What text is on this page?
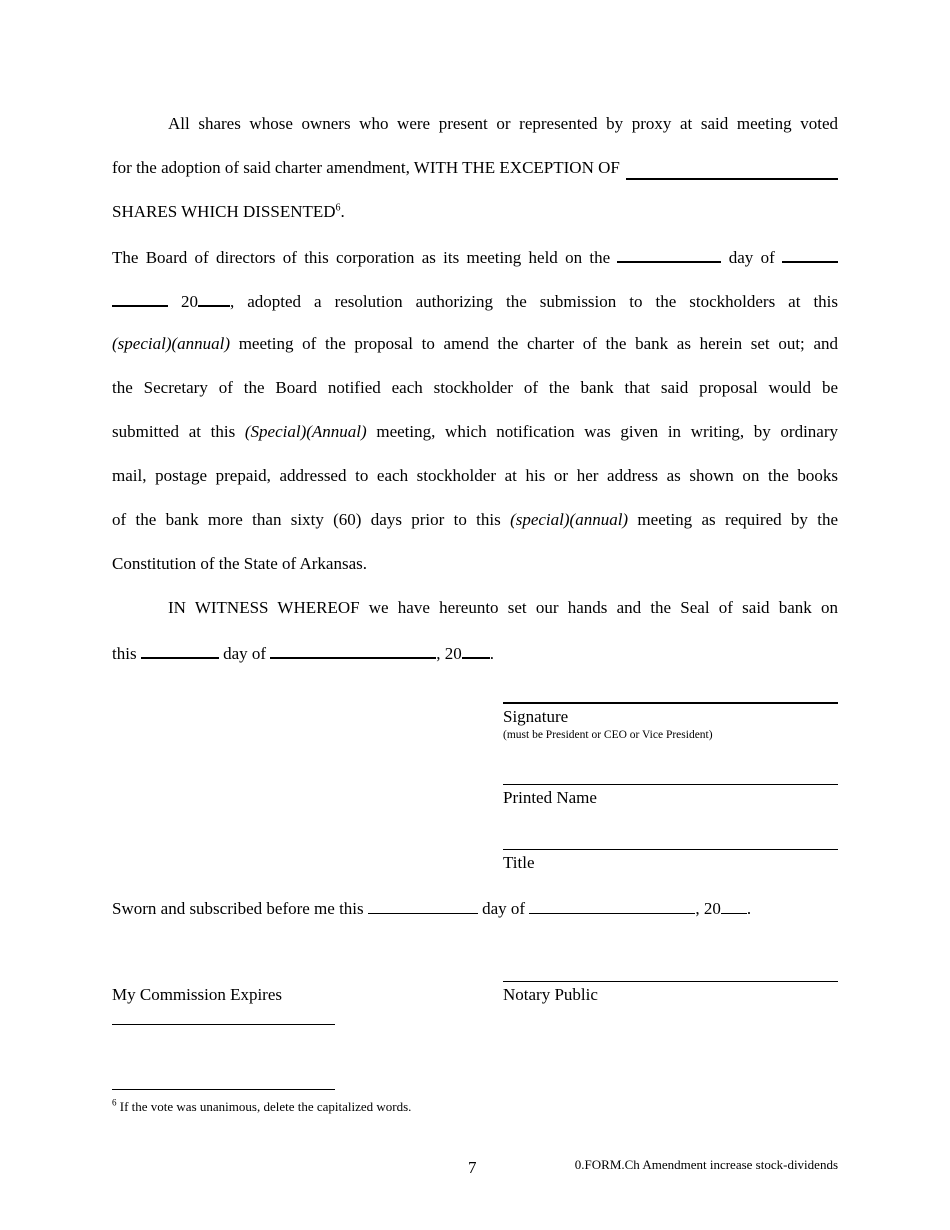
All shares whose owners who were present or represented by proxy at said meeting voted
for the adoption of said charter amendment, WITH THE EXCEPTION OF
SHARES WHICH DISSENTED$^6$.
The Board of directors of this corporation as its meeting held on the	day of
20 , adopted a resolution authorizing the submission to the stockholders at this
(special)(annual) meeting of the proposal to amend the charter of the bank as herein set out; and
the Secretary of the Board notified each stockholder of the bank that said proposal would be
submitted at this (Special)(Annual) meeting, which notification was given in writing, by ordinary
mail, postage prepaid, addressed to each stockholder at his or her address as shown on the books
of the bank more than sixty (60) days prior to this (special)(annual) meeting as required by the
Constitution of the State of Arkansas.
IN WITNESS WHEREOF we have hereunto set our hands and the Seal of said bank on
this	day of	, 20 .
Signature
(must be President or CEO or Vice President)
Printed Name
Title
Sworn and subscribed before me this	day of	, 20 .
My Commission Expires	Notary Public
$^6$ If the vote was unanimous, delete the capitalized words.
7	0.FORM.Ch Amendment increase stock-dividends
